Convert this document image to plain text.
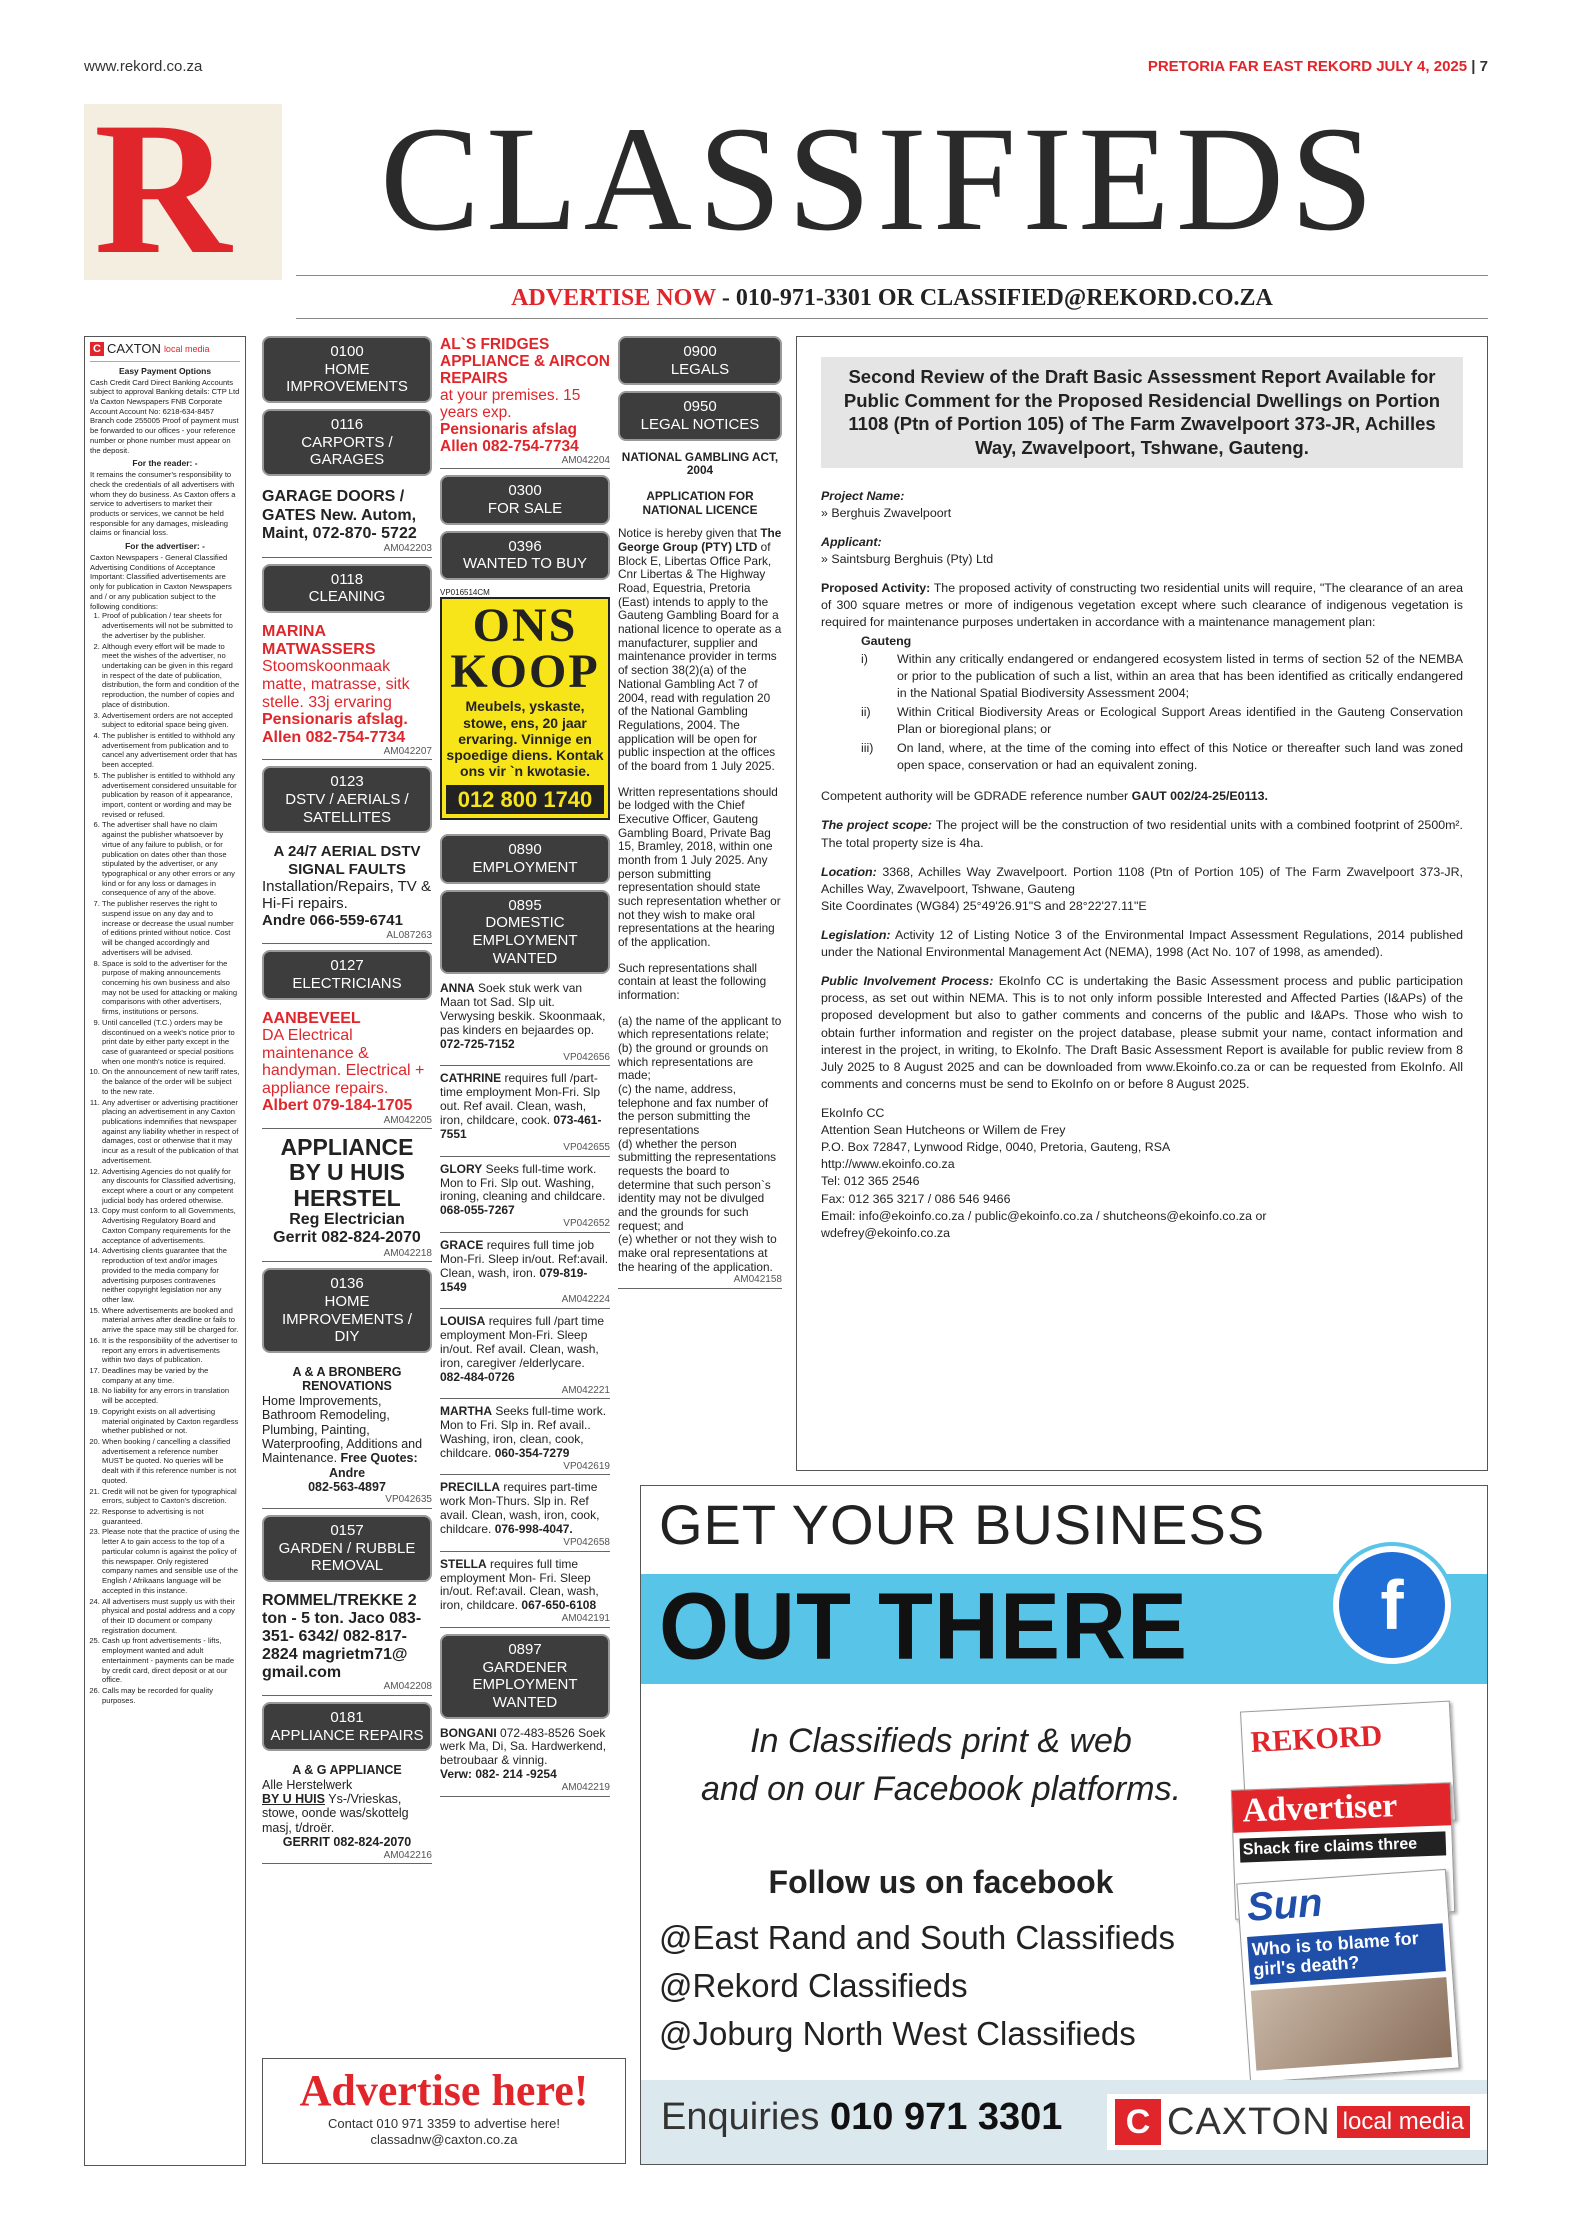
www.rekord.co.za	PRETORIA FAR EAST REKORD JULY 4, 2025 | 7
R CLASSIFIEDS
ADVERTISE NOW - 010-971-3301 OR CLASSIFIED@REKORD.CO.ZA
C CAXTON local media
Easy Payment Options
Cash Credit Card Direct Banking Accounts subject to approval Banking details: CTP Ltd t/a Caxton Newspapers FNB Corporate Account Account No: 6218-634-8457 Branch code 255005 Proof of payment must be forwarded to our offices - your reference number or phone number must appear on the deposit.
For the reader: -
It remains the consumer's responsibility to check the credentials of all advertisers with whom they do business. As Caxton offers a service to advertisers to market their products or services, we cannot be held responsible for any damages, misleading claims or financial loss.
For the advertiser: -
Caxton Newspapers - General Classified Advertising Conditions of Acceptance Important: Classified advertisements are only for publication in Caxton Newspapers and / or any publication subject to the following conditions:
1. Proof of publication / tear sheets for advertisements will not be submitted to the advertiser by the publisher.
2. Although every effort will be made to meet the wishes of the advertiser, no undertaking can be given in this regard in respect of the date of publication, distribution, the form and condition of the reproduction, the number of copies and place of distribution.
3. Advertisement orders are not accepted subject to editorial space being given.
4. The publisher is entitled to withhold any advertisement from publication and to cancel any advertisement order that has been accepted.
5. The publisher is entitled to withhold any advertisement considered unsuitable for publication by reason of it appearance, import, content or wording and may be revised or refused.
6. The advertiser shall have no claim against the publisher whatsoever by virtue of any failure to publish, or for publication on dates other than those stipulated by the advertiser, or any typographical or any other errors or any kind or for any loss or damages in consequence of any of the above.
7. The publisher reserves the right to suspend issue on any day and to increase or decrease the usual number of editions printed without notice. Cost will be changed accordingly and advertisers will be advised.
8. Space is sold to the advertiser for the purpose of making announcements concerning his own business and also may not be used for attacking or making comparisons with other advertisers, firms, institutions or persons.
9. Until cancelled (T.C.) orders may be discontinued on a week's notice prior to print date by either party except in the case of guaranteed or special positions when one month's notice is required.
10. On the announcement of new tariff rates, the balance of the order will be subject to the new rate.
11. Any advertiser or advertising practitioner placing an advertisement in any Caxton publications indemnifies that newspaper against any liability whether in respect of damages, cost or otherwise that it may incur as a result of the publication of that advertisement.
12. Advertising Agencies do not qualify for any discounts for Classified advertising, except where a court or any competent judicial body has ordered otherwise.
13. Copy must conform to all Governments, Advertising Regulatory Board and Caxton Company requirements for the acceptance of advertisements.
14. Advertising clients guarantee that the reproduction of text and/or images provided to the media company for advertising purposes contravenes neither copyright legislation nor any other law.
15. Where advertisements are booked and material arrives after deadline or fails to arrive the space may still be charged for.
16. It is the responsibility of the advertiser to report any errors in advertisements within two days of publication.
17. Deadlines may be varied by the company at any time.
18. No liability for any errors in translation will be accepted.
19. Copyright exists on all advertising material originated by Caxton regardless whether published or not.
20. When booking / cancelling a classified advertisement a reference number MUST be quoted. No queries will be dealt with if this reference number is not quoted.
21. Credit will not be given for typographical errors, subject to Caxton's discretion.
22. Response to advertising is not guaranteed.
23. Please note that the practice of using the letter A to gain access to the top of a particular column is against the policy of this newspaper. Only registered company names and sensible use of the English / Afrikaans language will be accepted in this instance.
24. All advertisers must supply us with their physical and postal address and a copy of their ID document or company registration document.
25. Cash up front advertisements - lifts, employment wanted and adult entertainment - payments can be made by credit card, direct deposit or at our office.
26. Calls may be recorded for quality purposes.
0100
HOME
IMPROVEMENTS
0116
CARPORTS /
GARAGES
GARAGE DOORS / GATES New. Autom, Maint, 072-870- 5722
AM042203
0118
CLEANING
MARINA MATWASSERS
Stoomskoonmaak matte, matrasse, sitk stelle. 33j ervaring
Pensionaris afslag.
Allen 082-754-7734
AM042207
0123
DSTV / AERIALS /
SATELLITES
A 24/7 AERIAL DSTV SIGNAL FAULTS
Installation/Repairs, TV & Hi-Fi repairs.
Andre 066-559-6741
AL087263
0127
ELECTRICIANS
AANBEVEEL
DA Electrical maintenance & handyman. Electrical + appliance repairs.
Albert 079-184-1705
AM042205
APPLIANCE BY U HUIS HERSTEL
Reg Electrician
Gerrit 082-824-2070
AM042218
0136
HOME
IMPROVEMENTS / DIY
A & A BRONBERG RENOVATIONS
Home Improvements, Bathroom Remodeling, Plumbing, Painting, Waterproofing, Additions and Maintenance. Free Quotes:
Andre
082-563-4897
VP042635
0157
GARDEN / RUBBLE
REMOVAL
ROMMEL/TREKKE 2 ton - 5 ton. Jaco 083-351- 6342/ 082-817-2824 magrietm71@ gmail.com
AM042208
0181
APPLIANCE REPAIRS
A & G APPLIANCE
Alle Herstelwerk
BY U HUIS Ys-/Vrieskas, stowe, oonde was/skottelg masj, t/droër.
GERRIT 082-824-2070
AM042216
AL`S FRIDGES APPLIANCE & AIRCON REPAIRS
at your premises. 15 years exp.
Pensionaris afslag
Allen 082-754-7734
AM042204
0300
FOR SALE
0396
WANTED TO BUY
VP016514CM
ONS KOOP
Meubels, yskaste, stowe, ens, 20 jaar ervaring. Vinnige en spoedige diens. Kontak ons vir `n kwotasie.
012 800 1740
0890
EMPLOYMENT
0895
DOMESTIC
EMPLOYMENT
WANTED
ANNA Soek stuk werk van Maan tot Sad. Slp uit. Verwysing beskik. Skoonmaak, pas kinders en bejaardes op. 072-725-7152
VP042656
CATHRINE requires full /part-time employment Mon-Fri. Slp out. Ref avail. Clean, wash, iron, childcare, cook. 073-461-7551
VP042655
GLORY Seeks full-time work. Mon to Fri. Slp out. Washing, ironing, cleaning and childcare. 068-055-7267
VP042652
GRACE requires full time job Mon-Fri. Sleep in/out. Ref:avail. Clean, wash, iron. 079-819-1549
AM042224
LOUISA requires full /part time employment Mon-Fri. Sleep in/out. Ref avail. Clean, wash, iron, caregiver /elderlycare. 082-484-0726
AM042221
MARTHA Seeks full-time work. Mon to Fri. Slp in. Ref avail.. Washing, iron, clean, cook, childcare. 060-354-7279
VP042619
PRECILLA requires part-time work Mon-Thurs. Slp in. Ref avail. Clean, wash, iron, cook, childcare. 076-998-4047.
VP042658
STELLA requires full time employment Mon- Fri. Sleep in/out. Ref:avail. Clean, wash, iron, childcare. 067-650-6108
AM042191
0897
GARDENER
EMPLOYMENT
WANTED
BONGANI 072-483-8526 Soek werk Ma, Di, Sa. Hardwerkend, betroubaar & vinnig.
Verw: 082- 214 -9254
AM042219
0900
LEGALS
0950
LEGAL NOTICES
NATIONAL GAMBLING ACT, 2004
APPLICATION FOR NATIONAL LICENCE
Notice is hereby given that The George Group (PTY) LTD of Block E, Libertas Office Park, Cnr Libertas & The Highway Road, Equestria, Pretoria (East) intends to apply to the Gauteng Gambling Board for a national licence to operate as a manufacturer, supplier and maintenance provider in terms of section 38(2)(a) of the National Gambling Act 7 of 2004, read with regulation 20 of the National Gambling Regulations, 2004. The application will be open for public inspection at the offices of the board from 1 July 2025.
Written representations should be lodged with the Chief Executive Officer, Gauteng Gambling Board, Private Bag 15, Bramley, 2018, within one month from 1 July 2025. Any person submitting representation should state such representation whether or not they wish to make oral representations at the hearing of the application.
Such representations shall contain at least the following information:
(a) the name of the applicant to which representations relate;
(b) the ground or grounds on which representations are made;
(c) the name, address, telephone and fax number of the person submitting the representations
(d) whether the person submitting the representations requests the board to determine that such person`s identity may not be divulged and the grounds for such request; and
(e) whether or not they wish to make oral representations at the hearing of the application.
AM042158
Second Review of the Draft Basic Assessment Report Available for Public Comment for the Proposed Residencial Dwellings on Portion 1108 (Ptn of Portion 105) of The Farm Zwavelpoort 373-JR, Achilles Way, Zwavelpoort, Tshwane, Gauteng.

Project Name:
» Berghuis Zwavelpoort

Applicant:
» Saintsburg Berghuis (Pty) Ltd

Proposed Activity: The proposed activity of constructing two residential units will require, "The clearance of an area of 300 square metres or more of indigenous vegetation except where such clearance of indigenous vegetation is required for maintenance purposes undertaken in accordance with a maintenance management plan:

Gauteng
i)	Within any critically endangered or endangered ecosystem listed in terms of section 52 of the NEMBA or prior to the publication of such a list, within an area that has been identified as critically endangered in the National Spatial Biodiversity Assessment 2004;
ii)	Within Critical Biodiversity Areas or Ecological Support Areas identified in the Gauteng Conservation Plan or bioregional plans; or
iii)	On land, where, at the time of the coming into effect of this Notice or thereafter such land was zoned open space, conservation or had an equivalent zoning.

Competent authority will be GDRADE reference number GAUT 002/24-25/E0113.

The project scope: The project will be the construction of two residential units with a combined footprint of 2500m². The total property size is 4ha.

Location: 3368, Achilles Way Zwavelpoort. Portion 1108 (Ptn of Portion 105) of The Farm Zwavelpoort 373-JR, Achilles Way, Zwavelpoort, Tshwane, Gauteng
Site Coordinates (WG84) 25°49'26.91"S and 28°22'27.11"E

Legislation: Activity 12 of Listing Notice 3 of the Environmental Impact Assessment Regulations, 2014 published under the National Environmental Management Act (NEMA), 1998 (Act No. 107 of 1998, as amended).

Public Involvement Process: EkoInfo CC is undertaking the Basic Assessment process and public participation process, as set out within NEMA. This is to not only inform possible Interested and Affected Parties (I&APs) of the proposed development but also to gather comments and concerns of the public and I&APs. Those who wish to obtain further information and register on the project database, please submit your name, contact information and interest in the project, in writing, to EkoInfo. The Draft Basic Assessment Report is available for public review from 8 July 2025 to 8 August 2025 and can be downloaded from www.Ekoinfo.co.za or can be requested from EkoInfo. All comments and concerns must be send to EkoInfo on or before 8 August 2025.

EkoInfo CC
Attention Sean Hutcheons or Willem de Frey
P.O. Box 72847, Lynwood Ridge, 0040, Pretoria, Gauteng, RSA
http://www.ekoinfo.co.za
Tel: 012 365 2546
Fax: 012 365 3217 / 086 546 9466
Email: info@ekoinfo.co.za / public@ekoinfo.co.za / shutcheons@ekoinfo.co.za or
wdefrey@ekoinfo.co.za

GET YOUR BUSINESS
OUT THERE	f
In Classifieds print & web
and on our Facebook platforms.
Follow us on facebook
@East Rand and South Classifieds
@Rekord Classifieds
@Joburg North West Classifieds
REKORD
Advertiser
Shack fire claims three
Sun
Who is to blame for girl's death?
Enquiries 010 971 3301	C CAXTON local media
Advertise here!
Contact 010 971 3359 to advertise here!
classadnw@caxton.co.za
